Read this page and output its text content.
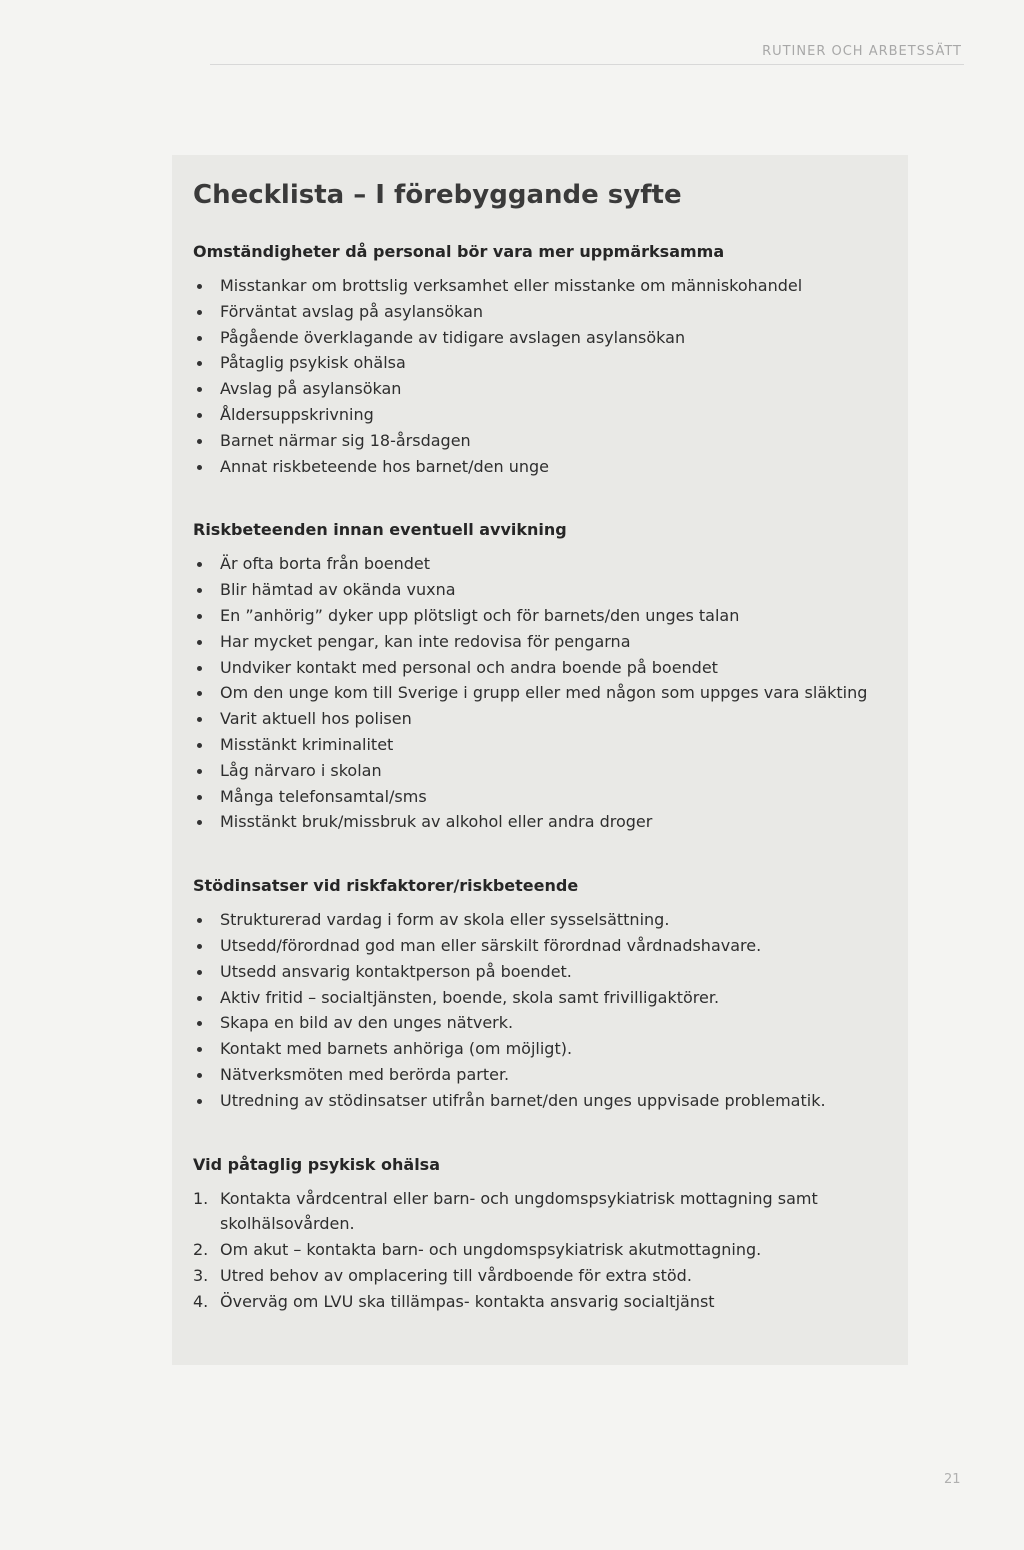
RUTINER OCH ARBETSSÄTT
Checklista – I förebyggande syfte
Omständigheter då personal bör vara mer uppmärksamma
Misstankar om brottslig verksamhet eller misstanke om människohandel
Förväntat avslag på asylansökan
Pågående överklagande av tidigare avslagen asylansökan
Påtaglig psykisk ohälsa
Avslag på asylansökan
Åldersuppskrivning
Barnet närmar sig 18-årsdagen
Annat riskbeteende hos barnet/den unge
Riskbeteenden innan eventuell avvikning
Är ofta borta från boendet
Blir hämtad av okända vuxna
En ”anhörig” dyker upp plötsligt och för barnets/den unges talan
Har mycket pengar, kan inte redovisa för pengarna
Undviker kontakt med personal och andra boende på boendet
Om den unge kom till Sverige i grupp eller med någon som uppges vara släkting
Varit aktuell hos polisen
Misstänkt kriminalitet
Låg närvaro i skolan
Många telefonsamtal/sms
Misstänkt bruk/missbruk av alkohol eller andra droger
Stödinsatser vid riskfaktorer/riskbeteende
Strukturerad vardag i form av skola eller sysselsättning.
Utsedd/förordnad god man eller särskilt förordnad vårdnadshavare.
Utsedd ansvarig kontaktperson på boendet.
Aktiv fritid – socialtjänsten, boende, skola samt frivilligaktörer.
Skapa en bild av den unges nätverk.
Kontakt med barnets anhöriga (om möjligt).
Nätverksmöten med berörda parter.
Utredning av stödinsatser utifrån barnet/den unges uppvisade problematik.
Vid påtaglig psykisk ohälsa
1. Kontakta vårdcentral eller barn- och ungdomspsykiatrisk mottagning samt skolhälsovården.
2. Om akut – kontakta barn- och ungdomspsykiatrisk akutmottagning.
3. Utred behov av omplacering till vårdboende för extra stöd.
4. Överväg om LVU ska tillämpas- kontakta ansvarig socialtjänst
21
